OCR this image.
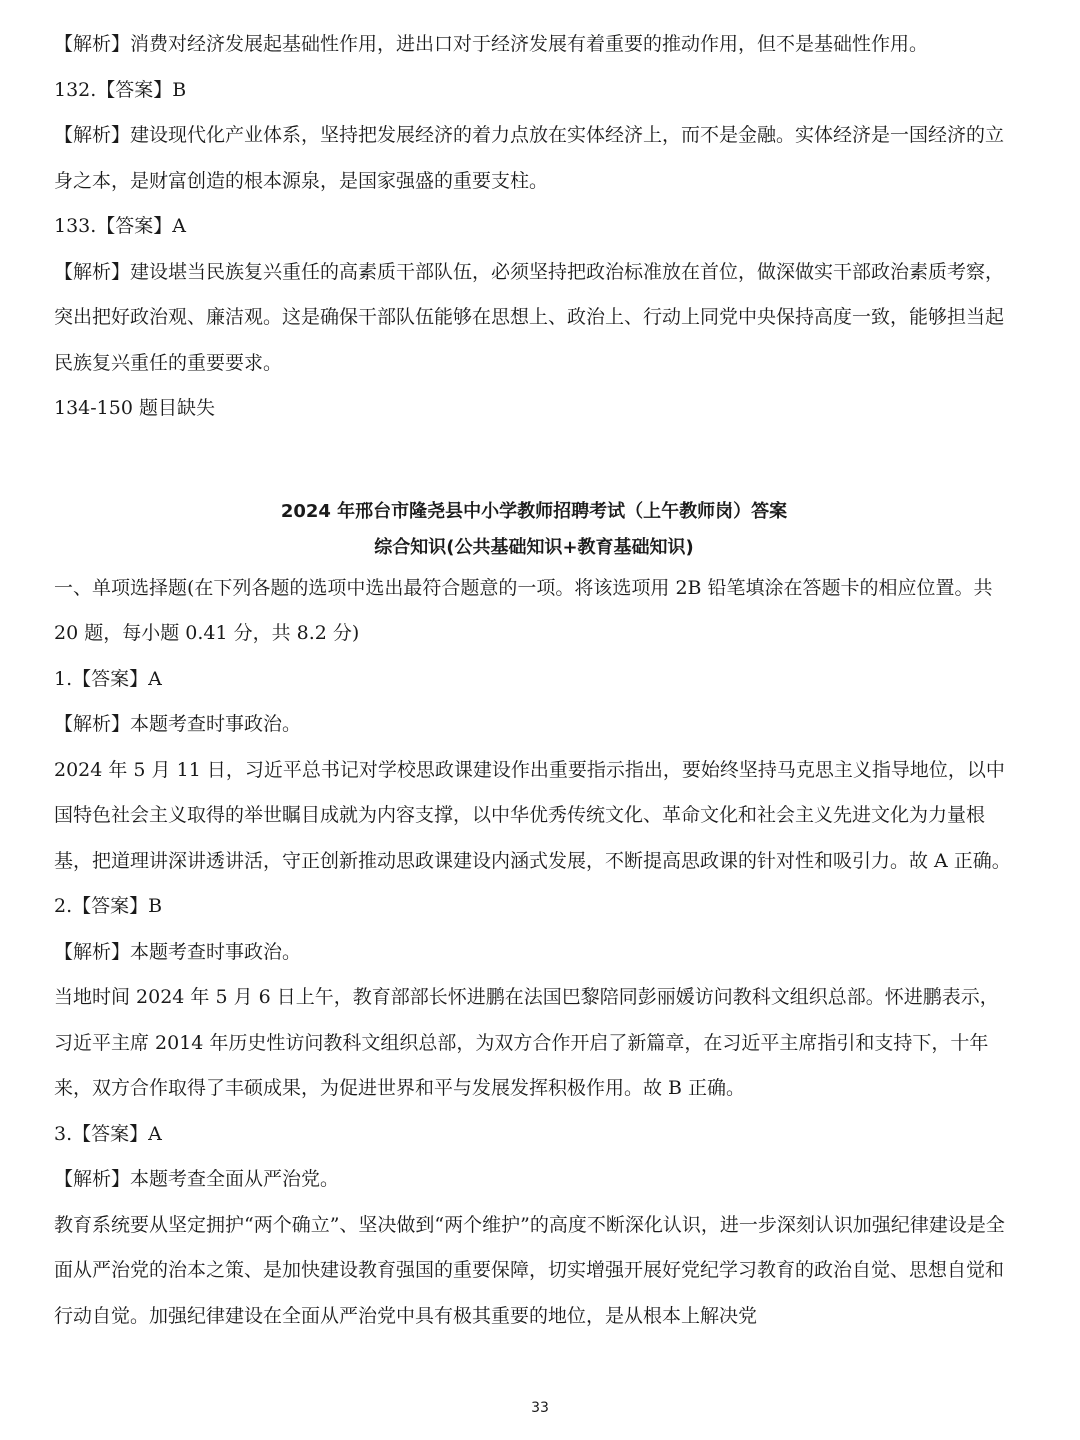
【解析】消费对经济发展起基础性作用，进出口对于经济发展有着重要的推动作用，但不是基础性作用。

132.【答案】B

【解析】建设现代化产业体系，坚持把发展经济的着力点放在实体经济上，而不是金融。实体经济是一国经济的立身之本，是财富创造的根本源泉，是国家强盛的重要支柱。

133.【答案】A

【解析】建设堪当民族复兴重任的高素质干部队伍，必须坚持把政治标准放在首位，做深做实干部政治素质考察，突出把好政治观、廉洁观。这是确保干部队伍能够在思想上、政治上、行动上同党中央保持高度一致，能够担当起民族复兴重任的重要要求。

134-150 题目缺失

2024 年邢台市隆尧县中小学教师招聘考试（上午教师岗）答案

综合知识(公共基础知识+教育基础知识)

一、单项选择题(在下列各题的选项中选出最符合题意的一项。将该选项用 2B 铅笔填涂在答题卡的相应位置。共 20 题，每小题 0.41 分，共 8.2 分)

1.【答案】A

【解析】本题考查时事政治。

2024 年 5 月 11 日，习近平总书记对学校思政课建设作出重要指示指出，要始终坚持马克思主义指导地位，以中国特色社会主义取得的举世瞩目成就为内容支撑，以中华优秀传统文化、革命文化和社会主义先进文化为力量根基，把道理讲深讲透讲活，守正创新推动思政课建设内涵式发展，不断提高思政课的针对性和吸引力。故 A 正确。

2.【答案】B

【解析】本题考查时事政治。

当地时间 2024 年 5 月 6 日上午，教育部部长怀进鹏在法国巴黎陪同彭丽媛访问教科文组织总部。怀进鹏表示，习近平主席 2014 年历史性访问教科文组织总部，为双方合作开启了新篇章，在习近平主席指引和支持下，十年来，双方合作取得了丰硕成果，为促进世界和平与发展发挥积极作用。故 B 正确。

3.【答案】A

【解析】本题考查全面从严治党。

教育系统要从坚定拥护“两个确立”、坚决做到“两个维护”的高度不断深化认识，进一步深刻认识加强纪律建设是全面从严治党的治本之策、是加快建设教育强国的重要保障，切实增强开展好党纪学习教育的政治自觉、思想自觉和行动自觉。加强纪律建设在全面从严治党中具有极其重要的地位，是从根本上解决党

33
